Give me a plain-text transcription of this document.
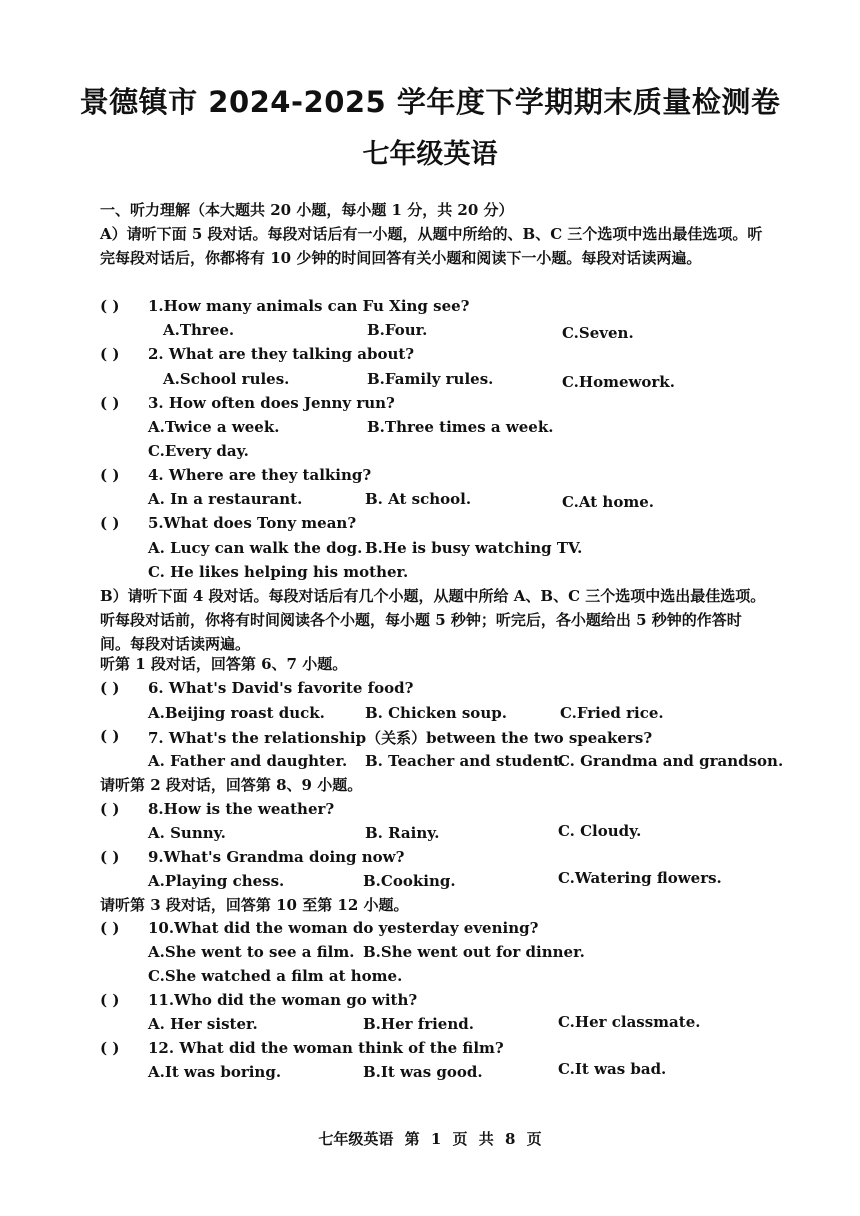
景德镇市 2024-2025 学年度下学期期末质量检测卷
七年级英语
一、听力理解（本大题共 20 小题，每小题 1 分，共 20 分）
A）请听下面 5 段对话。每段对话后有一小题，从题中所给的、B、C 三个选项中选出最佳选项。听完每段对话后，你都将有 10 少钟的时间回答有关小题和阅读下一小题。每段对话读两遍。
( )	1.How many animals can Fu Xing see?
A.Three.	B.Four.	C.Seven.
( )	2. What are they talking about?
A.School rules.	B.Family rules.	C.Homework.
( )	3. How often does Jenny run?
A.Twice a week.	B.Three times a week.
C.Every day.
( )	4. Where are they talking?
A. In a restaurant.	B. At school.	C.At home.
( )	5.What does Tony mean?
A. Lucy can walk the dog. B.He is busy watching TV.
C. He likes helping his mother.
B）请听下面 4 段对话。每段对话后有几个小题，从题中所给 A、B、C 三个选项中选出最佳选项。听每段对话前，你将有时间阅读各个小题，每小题 5 秒钟；听完后，各小题给出 5 秒钟的作答时间。每段对话读两遍。
听第 1 段对话，回答第 6、7 小题。
( )	6. What's David's favorite food?
A.Beijing roast duck.	B. Chicken soup.	C.Fried rice.
( )	7. What's the relationship（关系）between the two speakers?
A. Father and daughter. B. Teacher and student.
C. Grandma and grandson.
请听第 2 段对话，回答第 8、9 小题。
( )	8.How is the weather?
A. Sunny.	B. Rainy.	C. Cloudy.
( )	9.What's Grandma doing now?
A.Playing chess.	B.Cooking.	C.Watering flowers.
请听第 3 段对话，回答第 10 至第 12 小题。
( )	10.What did the woman do yesterday evening?
A.She went to see a film. B.She went out for dinner.
C.She watched a film at home.
( )	11.Who did the woman go with?
A. Her sister.	B.Her friend.	C.Her classmate.
( )	12. What did the woman think of the film?
A.It was boring.	B.It was good.	C.It was bad.
七年级英语 第 1 页 共 8 页
